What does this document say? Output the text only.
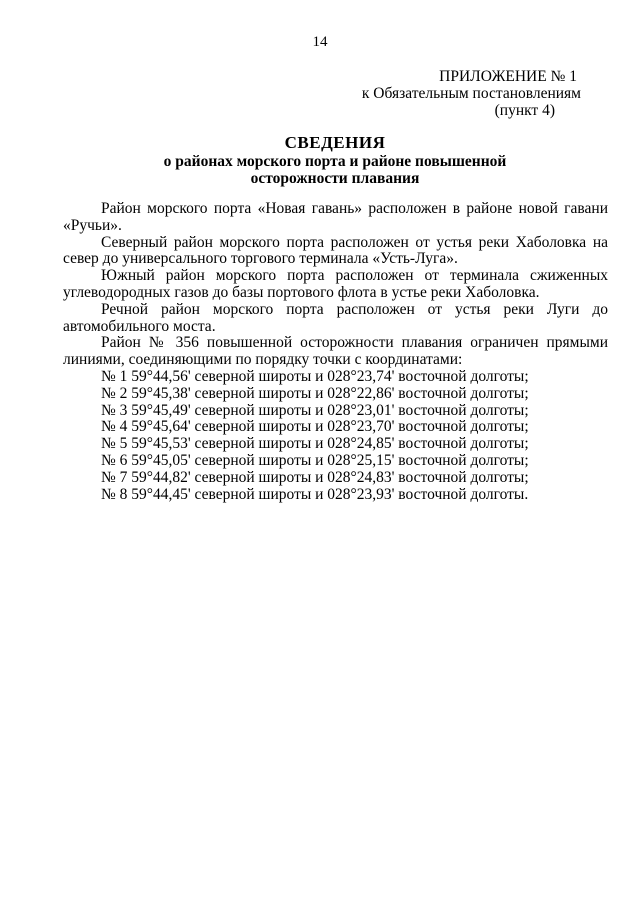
14
ПРИЛОЖЕНИЕ № 1
к Обязательным постановлениям
(пункт 4)
СВЕДЕНИЯ
о районах морского порта и районе повышенной
осторожности плавания

Район морского порта «Новая гавань» расположен в районе новой гавани «Ручьи».

Северный район морского порта расположен от устья реки Хаболовка на север до универсального торгового терминала «Усть-Луга».

Южный район морского порта расположен от терминала сжиженных углеводородных газов до базы портового флота в устье реки Хаболовка.

Речной район морского порта расположен от устья реки Луги до автомобильного моста.

Район № 356 повышенной осторожности плавания ограничен прямыми линиями, соединяющими по порядку точки с координатами:

№ 1 59°44,56' северной широты и 028°23,74' восточной долготы;

№ 2 59°45,38' северной широты и 028°22,86' восточной долготы;

№ 3 59°45,49' северной широты и 028°23,01' восточной долготы;

№ 4 59°45,64' северной широты и 028°23,70' восточной долготы;

№ 5 59°45,53' северной широты и 028°24,85' восточной долготы;

№ 6 59°45,05' северной широты и 028°25,15' восточной долготы;

№ 7 59°44,82' северной широты и 028°24,83' восточной долготы;

№ 8 59°44,45' северной широты и 028°23,93' восточной долготы.
